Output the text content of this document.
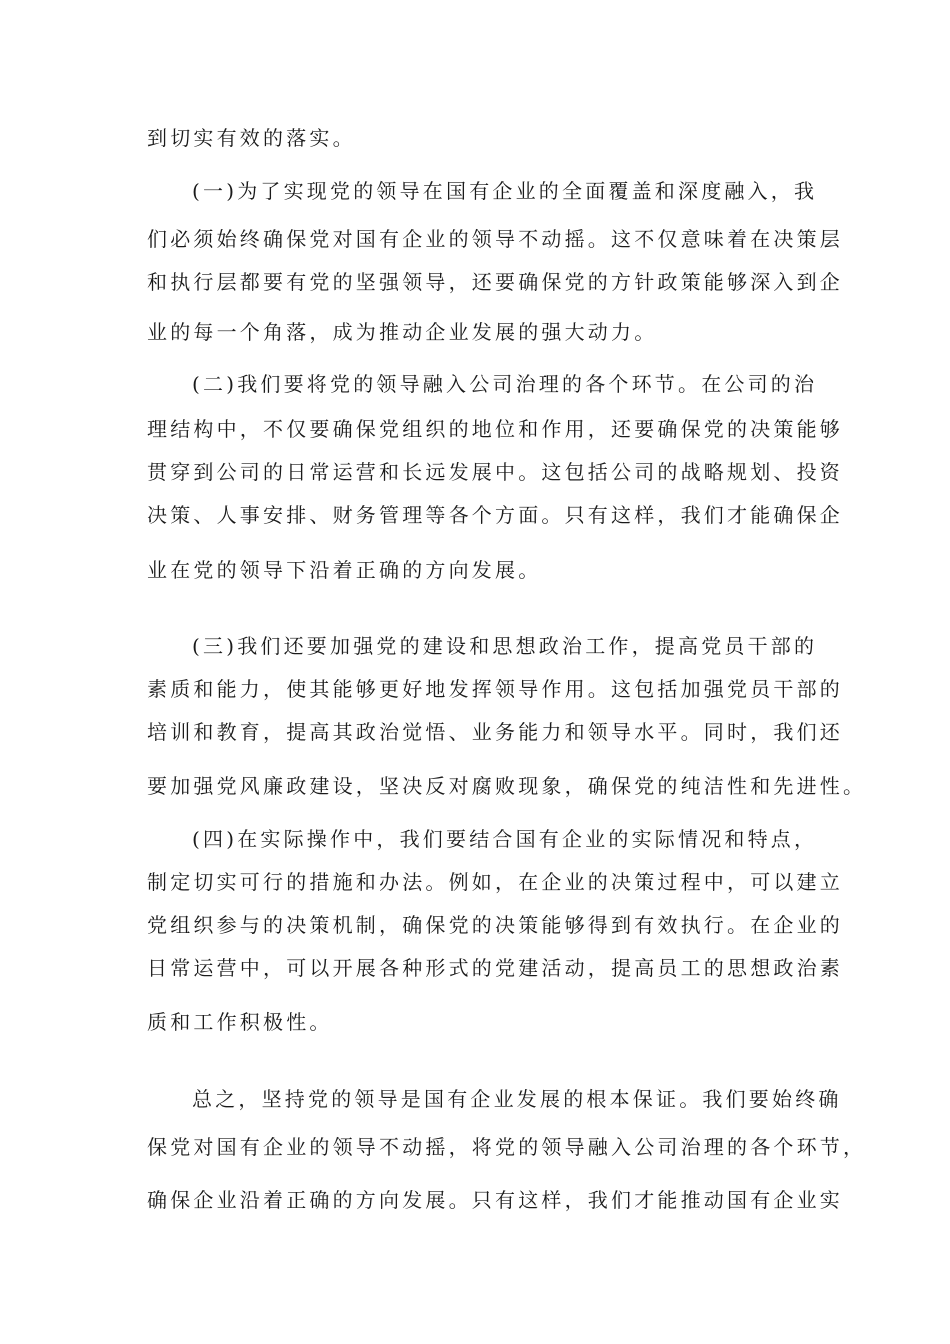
到切实有效的落实。
(一)为了实现党的领导在国有企业的全面覆盖和深度融入，我
们必须始终确保党对国有企业的领导不动摇。这不仅意味着在决策层
和执行层都要有党的坚强领导，还要确保党的方针政策能够深入到企
业的每一个角落，成为推动企业发展的强大动力。
(二)我们要将党的领导融入公司治理的各个环节。在公司的治
理结构中，不仅要确保党组织的地位和作用，还要确保党的决策能够
贯穿到公司的日常运营和长远发展中。这包括公司的战略规划、投资
决策、人事安排、财务管理等各个方面。只有这样，我们才能确保企
业在党的领导下沿着正确的方向发展。
(三)我们还要加强党的建设和思想政治工作，提高党员干部的
素质和能力，使其能够更好地发挥领导作用。这包括加强党员干部的
培训和教育，提高其政治觉悟、业务能力和领导水平。同时，我们还
要加强党风廉政建设，坚决反对腐败现象，确保党的纯洁性和先进性。
(四)在实际操作中，我们要结合国有企业的实际情况和特点，
制定切实可行的措施和办法。例如，在企业的决策过程中，可以建立
党组织参与的决策机制，确保党的决策能够得到有效执行。在企业的
日常运营中，可以开展各种形式的党建活动，提高员工的思想政治素
质和工作积极性。
总之，坚持党的领导是国有企业发展的根本保证。我们要始终确
保党对国有企业的领导不动摇，将党的领导融入公司治理的各个环节，
确保企业沿着正确的方向发展。只有这样，我们才能推动国有企业实
